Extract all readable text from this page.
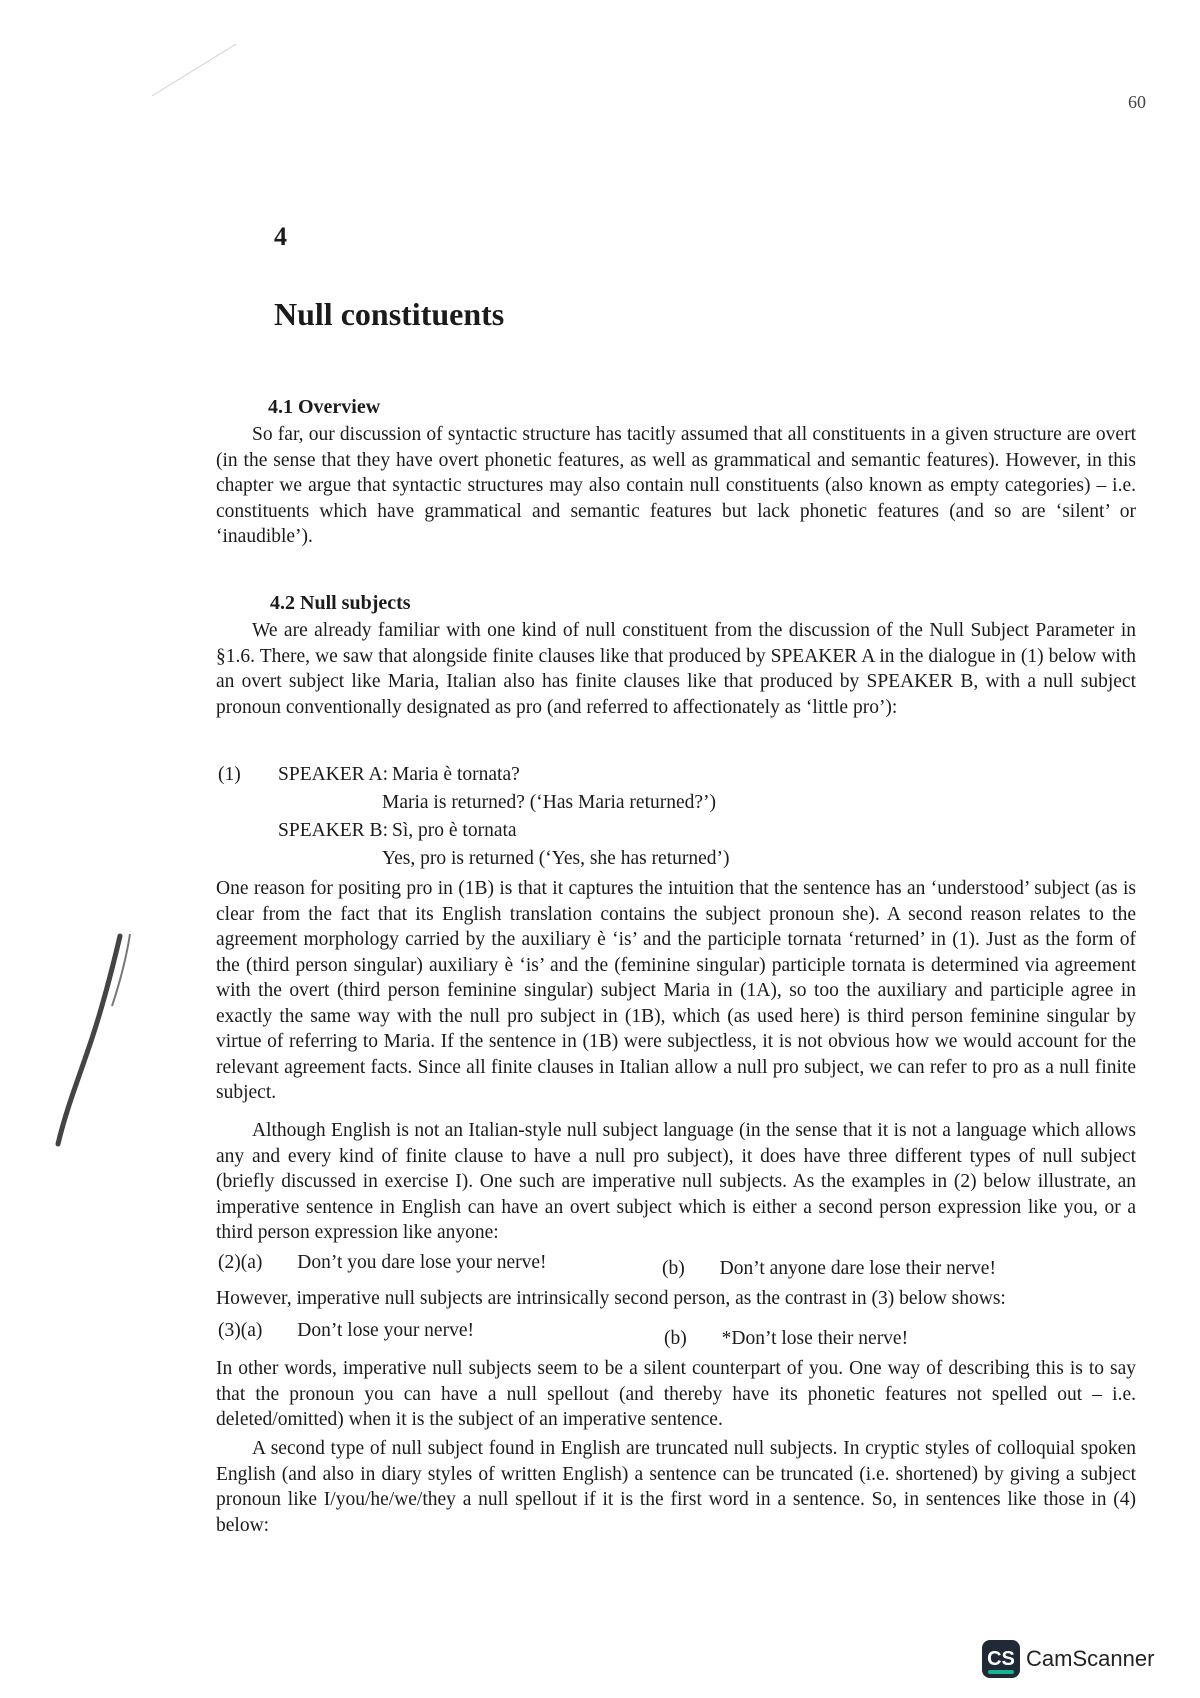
60
4
Null constituents
4.1 Overview

So far, our discussion of syntactic structure has tacitly assumed that all constituents in a given structure are overt (in the sense that they have overt phonetic features, as well as grammatical and semantic features). However, in this chapter we argue that syntactic structures may also contain null constituents (also known as empty categories) – i.e. constituents which have grammatical and semantic features but lack phonetic features (and so are ‘silent’ or ‘inaudible’).

4.2 Null subjects

We are already familiar with one kind of null constituent from the discussion of the Null Subject Parameter in §1.6. There, we saw that alongside finite clauses like that produced by SPEAKER A in the dialogue in (1) below with an overt subject like Maria, Italian also has finite clauses like that produced by SPEAKER B, with a null subject pronoun conventionally designated as pro (and referred to affectionately as ‘little pro’):

(1) SPEAKER A: Maria è tornata?
Maria is returned? (‘Has Maria returned?’)
SPEAKER B: Sì, pro è tornata
Yes, pro is returned (‘Yes, she has returned’)

One reason for positing pro in (1B) is that it captures the intuition that the sentence has an ‘understood’ subject (as is clear from the fact that its English translation contains the subject pronoun she). A second reason relates to the agreement morphology carried by the auxiliary è ‘is’ and the participle tornata ‘returned’ in (1). Just as the form of the (third person singular) auxiliary è ‘is’ and the (feminine singular) participle tornata is determined via agreement with the overt (third person feminine singular) subject Maria in (1A), so too the auxiliary and participle agree in exactly the same way with the null pro subject in (1B), which (as used here) is third person feminine singular by virtue of referring to Maria. If the sentence in (1B) were subjectless, it is not obvious how we would account for the relevant agreement facts. Since all finite clauses in Italian allow a null pro subject, we can refer to pro as a null finite subject.

Although English is not an Italian-style null subject language (in the sense that it is not a language which allows any and every kind of finite clause to have a null pro subject), it does have three different types of null subject (briefly discussed in exercise I). One such are imperative null subjects. As the examples in (2) below illustrate, an imperative sentence in English can have an overt subject which is either a second person expression like you, or a third person expression like anyone:

(2)(a) Don’t you dare lose your nerve!	(b) Don’t anyone dare lose their nerve!

However, imperative null subjects are intrinsically second person, as the contrast in (3) below shows:

(3)(a) Don’t lose your nerve!	(b) *Don’t lose their nerve!

In other words, imperative null subjects seem to be a silent counterpart of you. One way of describing this is to say that the pronoun you can have a null spellout (and thereby have its phonetic features not spelled out – i.e. deleted/omitted) when it is the subject of an imperative sentence.

A second type of null subject found in English are truncated null subjects. In cryptic styles of colloquial spoken English (and also in diary styles of written English) a sentence can be truncated (i.e. shortened) by giving a subject pronoun like I/you/he/we/they a null spellout if it is the first word in a sentence. So, in sentences like those in (4) below:

CS CamScanner
